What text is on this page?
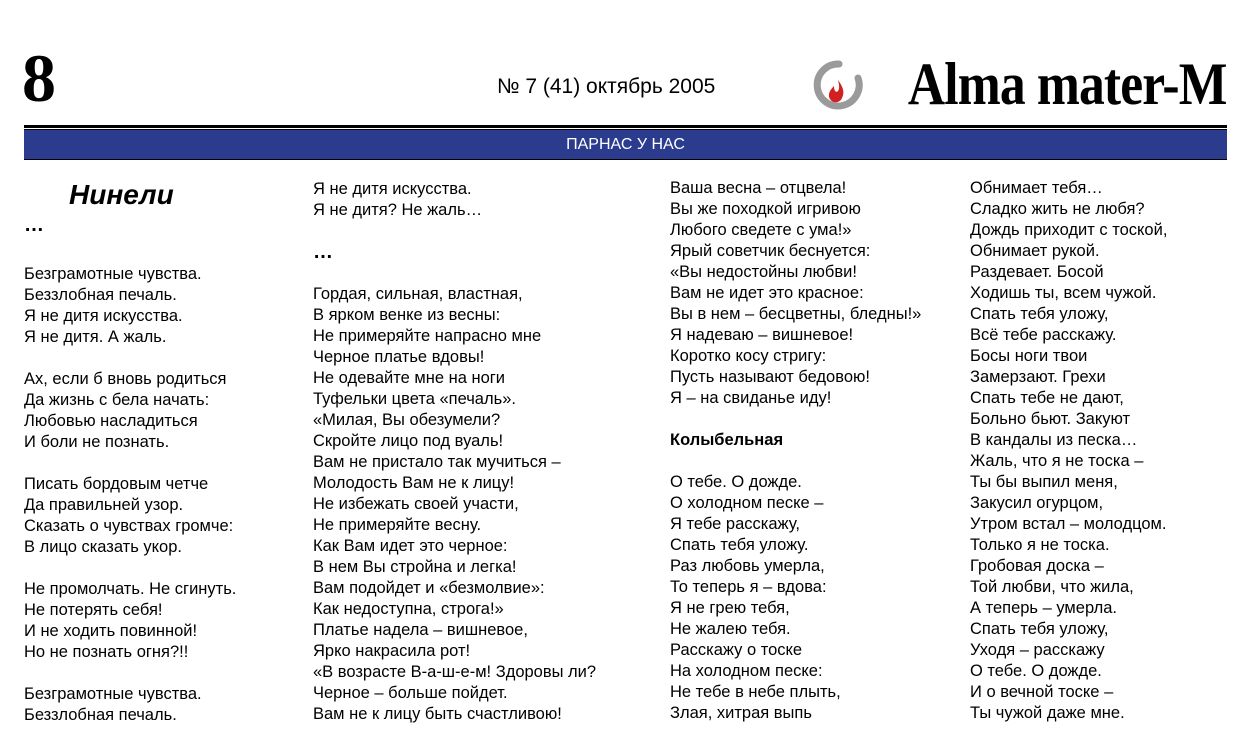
8	№ 7 (41) октябрь 2005	Alma mater-M
ПАРНАС У НАС
Нинели
…
Безграмотные чувства.
Беззлобная печаль.
Я не дитя искусства.
Я не дитя. А жаль.
Ах, если б вновь родиться
Да жизнь с бела начать:
Любовью насладиться
И боли не познать.
Писать бордовым четче
Да правильней узор.
Сказать о чувствах громче:
В лицо сказать укор.
Не промолчать. Не сгинуть.
Не потерять себя!
И не ходить повинной!
Но не познать огня?!!
Безграмотные чувства.
Беззлобная печаль.
Я не дитя искусства.
Я не дитя? Не жаль…
…
Гордая, сильная, властная,
В ярком венке из весны:
Не примеряйте напрасно мне
Черное платье вдовы!
Не одевайте мне на ноги
Туфельки цвета «печаль».
«Милая, Вы обезумели?
Скройте лицо под вуаль!
Вам не пристало так мучиться –
Молодость Вам не к лицу!
Не избежать своей участи,
Не примеряйте весну.
Как Вам идет это черное:
В нем Вы стройна и легка!
Вам подойдет и «безмолвие»:
Как недоступна, строга!»
Платье надела – вишневое,
Ярко накрасила рот!
«В возрасте В-а-ш-е-м! Здоровы ли?
Черное – больше пойдет.
Вам не к лицу быть счастливою!
Ваша весна – отцвела!
Вы же походкой игривою
Любого сведете с ума!»
Ярый советчик беснуется:
«Вы недостойны любви!
Вам не идет это красное:
Вы в нем – бесцветны, бледны!»
Я надеваю – вишневое!
Коротко косу стригу:
Пусть называют бедовою!
Я – на свиданье иду!
Колыбельная
О тебе. О дожде.
О холодном песке –
Я тебе расскажу,
Спать тебя уложу.
Раз любовь умерла,
То теперь я – вдова:
Я не грею тебя,
Не жалею тебя.
Расскажу о тоске
На холодном песке:
Не тебе в небе плыть,
Злая, хитрая выпь
Обнимает тебя…
Сладко жить не любя?
Дождь приходит с тоской,
Обнимает рукой.
Раздевает. Босой
Ходишь ты, всем чужой.
Спать тебя уложу,
Всё тебе расскажу.
Босы ноги твои
Замерзают. Грехи
Спать тебе не дают,
Больно бьют. Закуют
В кандалы из песка…
Жаль, что я не тоска –
Ты бы выпил меня,
Закусил огурцом,
Утром встал – молодцом.
Только я не тоска.
Гробовая доска –
Той любви, что жила,
А теперь – умерла.
Спать тебя уложу,
Уходя – расскажу
О тебе. О дожде.
И о вечной тоске –
Ты чужой даже мне.
